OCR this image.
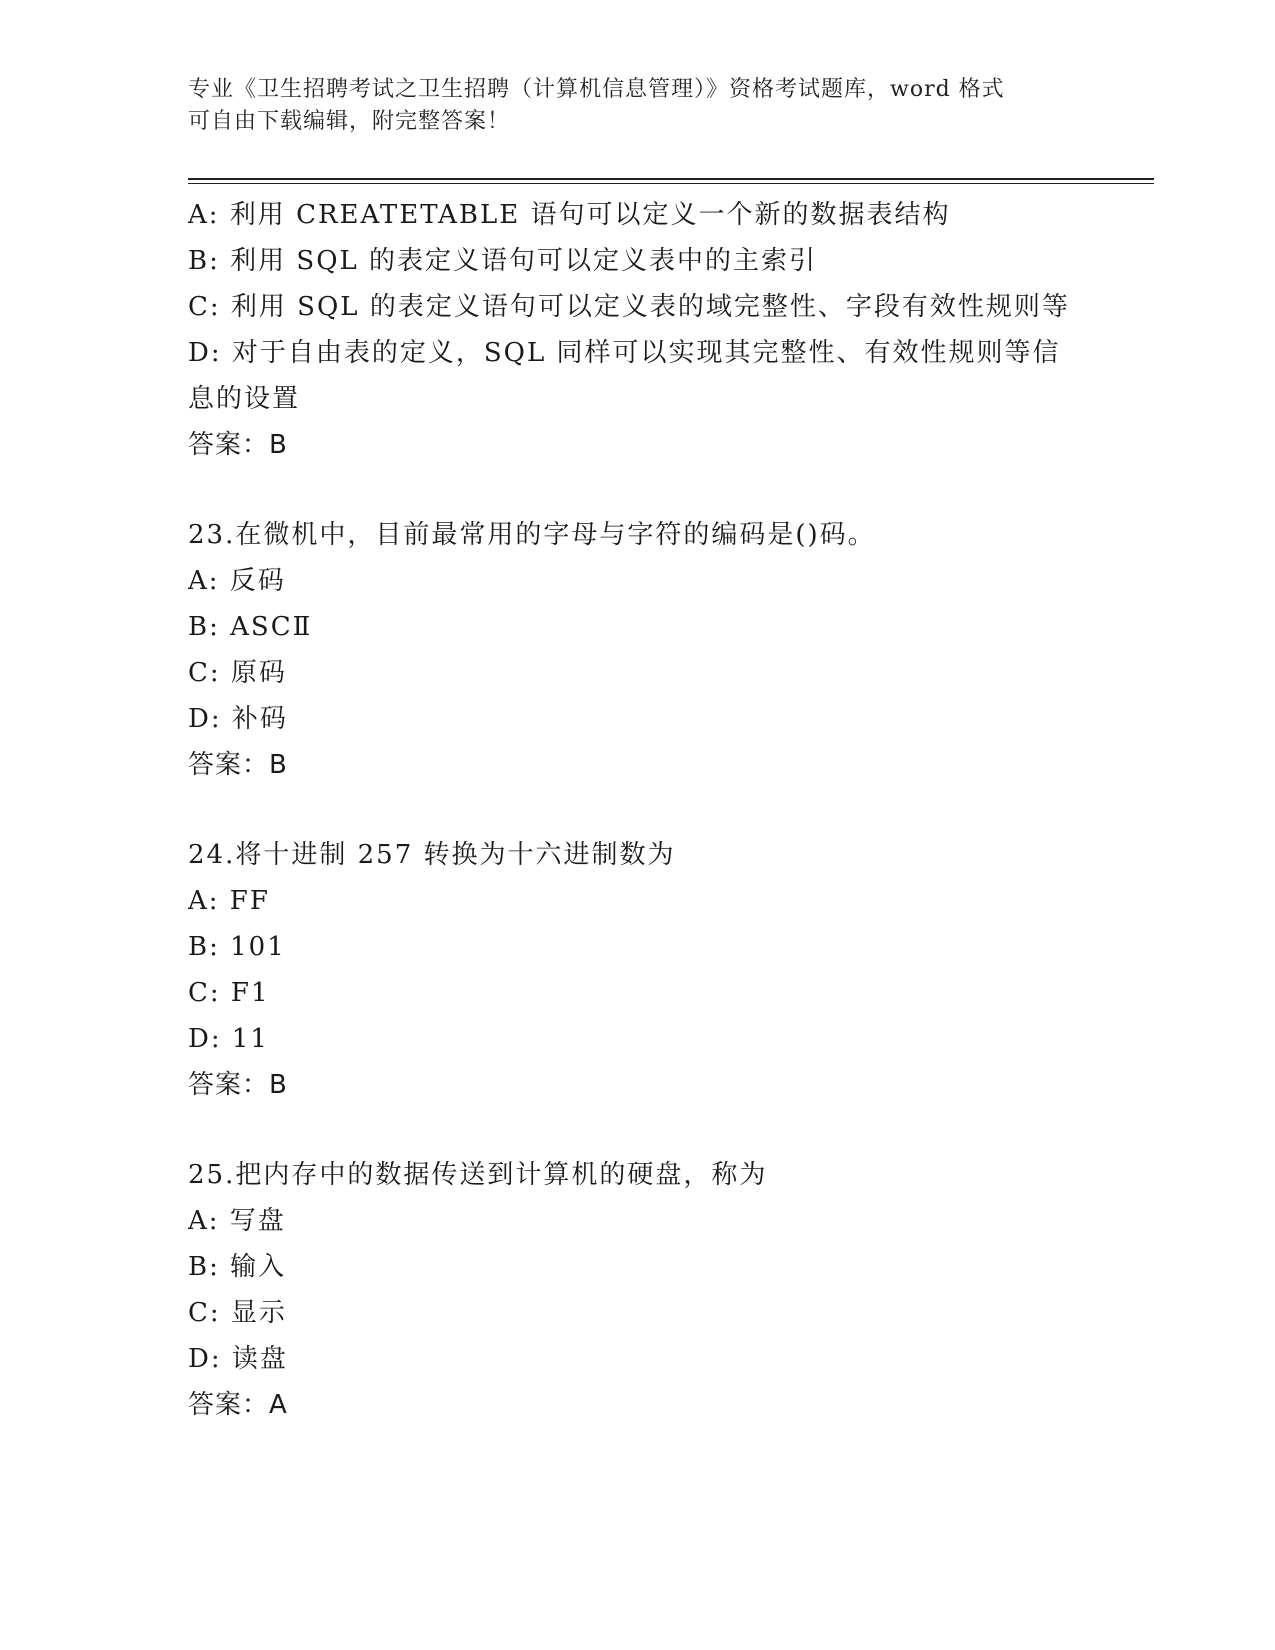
专业《卫生招聘考试之卫生招聘（计算机信息管理）》资格考试题库，word 格式
可自由下载编辑，附完整答案！
A: 利用 CREATETABLE 语句可以定义一个新的数据表结构
B: 利用 SQL 的表定义语句可以定义表中的主索引
C: 利用 SQL 的表定义语句可以定义表的域完整性、字段有效性规则等
D: 对于自由表的定义，SQL 同样可以实现其完整性、有效性规则等信
息的设置
答案：B
23.在微机中，目前最常用的字母与字符的编码是()码。
A: 反码
B: ASCⅡ
C: 原码
D: 补码
答案：B
24.将十进制 257 转换为十六进制数为
A: FF
B: 101
C: F1
D: 11
答案：B
25.把内存中的数据传送到计算机的硬盘，称为
A: 写盘
B: 输入
C: 显示
D: 读盘
答案：A
